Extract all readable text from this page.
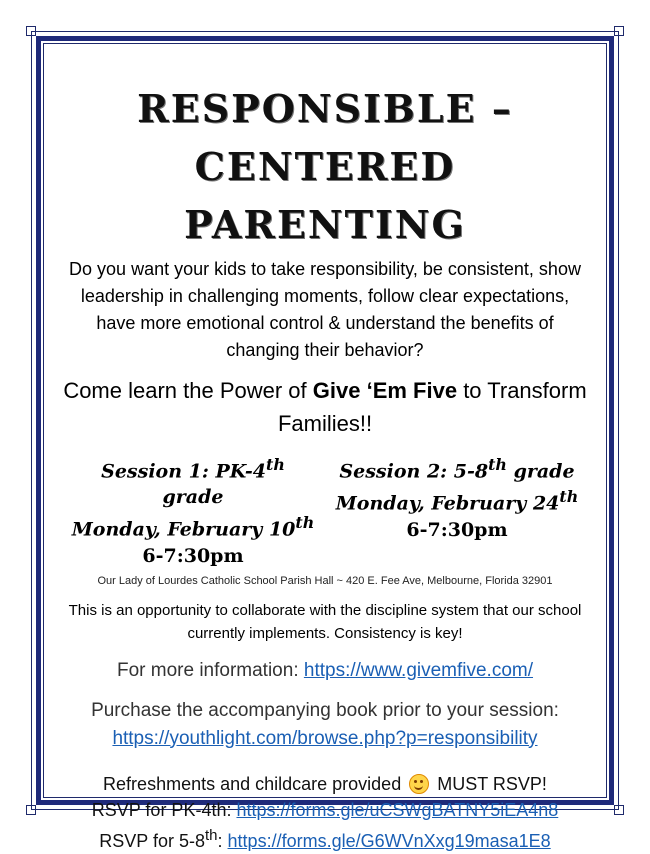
RESPONSIBLE – CENTERED
PARENTING

Do you want your kids to take responsibility, be consistent, show leadership in challenging moments, follow clear expectations, have more emotional control & understand the benefits of changing their behavior?

Come learn the Power of Give ‘Em Five to Transform Families!!

Session 1: PK-4th grade
Monday, February 10th
6-7:30pm
Session 2: 5-8th grade
Monday, February 24th
6-7:30pm

Our Lady of Lourdes Catholic School Parish Hall ~ 420 E. Fee Ave, Melbourne, Florida 32901

This is an opportunity to collaborate with the discipline system that our school currently implements. Consistency is key!

For more information: https://www.givemfive.com/

Purchase the accompanying book prior to your session:
https://youthlight.com/browse.php?p=responsibility

Refreshments and childcare provided MUST RSVP!

RSVP for PK-4th: https://forms.gle/uCSWgBATNY5iEA4n8

RSVP for 5-8th: https://forms.gle/G6WVnXxg19masa1E8
